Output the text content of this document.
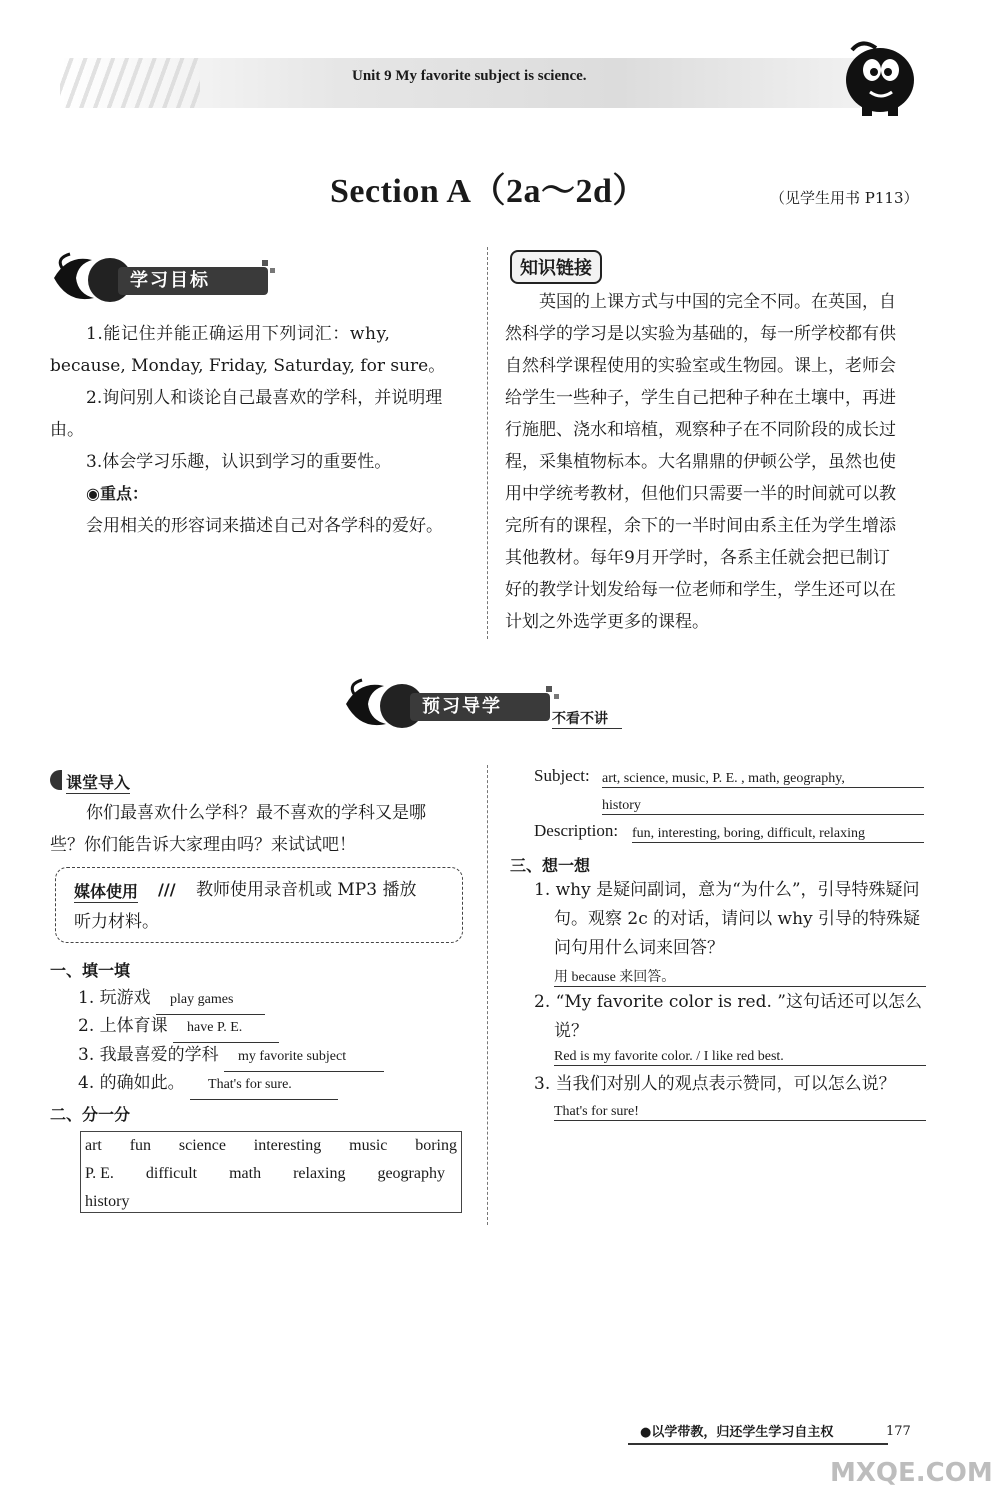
Unit 9 My favorite subject is science.
Section A（2a～2d）	（见学生用书 P113）
学习目标
1.能记住并能正确运用下列词汇：why,
because, Monday, Friday, Saturday, for sure。
2.询问别人和谈论自己最喜欢的学科，并说明理
由。
3.体会学习乐趣，认识到学习的重要性。
◉重点：
会用相关的形容词来描述自己对各学科的爱好。
知识链接
英国的上课方式与中国的完全不同。在英国，自
然科学的学习是以实验为基础的，每一所学校都有供
自然科学课程使用的实验室或生物园。课上，老师会
给学生一些种子，学生自己把种子种在土壤中，再进
行施肥、浇水和培植，观察种子在不同阶段的成长过
程，采集植物标本。大名鼎鼎的伊顿公学，虽然也使
用中学统考教材，但他们只需要一半的时间就可以教
完所有的课程，余下的一半时间由系主任为学生增添
其他教材。每年9月开学时，各系主任就会把已制订
好的教学计划发给每一位老师和学生，学生还可以在
计划之外选学更多的课程。
预习导学
不看不讲
课堂导入
你们最喜欢什么学科？最不喜欢的学科又是哪
些？你们能告诉大家理由吗？来试试吧！
媒体使用 /// 教师使用录音机或 MP3 播放
听力材料。
一、填一填
1. 玩游戏 play games
2. 上体育课 have P. E.
3. 我最喜爱的学科 my favorite subject
4. 的确如此。 That's for sure.
二、分一分
art fun science interesting music boring
P. E. difficult math relaxing geography
history
Subject: art, science, music, P. E. , math, geography,
history
Description: fun, interesting, boring, difficult, relaxing
三、想一想
1. why 是疑问副词，意为“为什么”，引导特殊疑问
句。观察 2c 的对话，请问以 why 引导的特殊疑
问句用什么词来回答？
用 because 来回答。
2. “My favorite color is red. ”这句话还可以怎么
说？
Red is my favorite color. / I like red best.
3. 当我们对别人的观点表示赞同，可以怎么说？
That's for sure!
●以学带教，归还学生学习自主权	177
MXQE.COM
